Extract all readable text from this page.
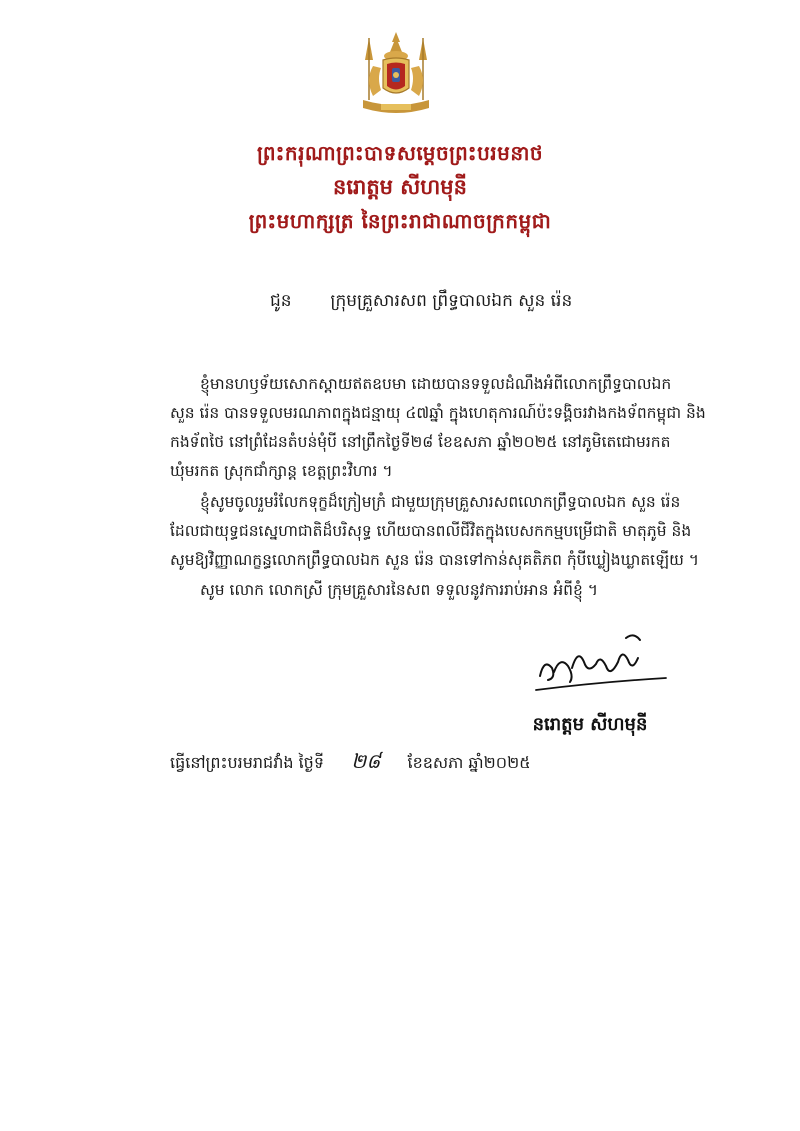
ព្រះករុណាព្រះបាទសម្ដេចព្រះបរមនាថ
នរោត្តម សីហមុនី
ព្រះមហាក្សត្រ នៃព្រះរាជាណាចក្រកម្ពុជា
ជូន ក្រុមគ្រួសារសព ព្រឹទ្ធបាលឯក សួន រ៉េន
ខ្ញុំមានហឫទ័យសោកស្ដាយឥតឧបមា ដោយបានទទួលដំណឹងអំពីលោកព្រឹទ្ធបាលឯក
សួន រ៉េន បានទទួលមរណភាពក្នុងជន្មាយុ ៤៧ឆ្នាំ ក្នុងហេតុការណ៍ប៉ះទង្គិចរវាងកងទ័ពកម្ពុជា និង
កងទ័ពថៃ នៅព្រំដែនតំបន់មុំបី នៅព្រឹកថ្ងៃទី២៨ ខែឧសភា ឆ្នាំ២០២៥ នៅភូមិតេជោមរកត
ឃុំមរកត ស្រុកជាំក្សាន្ត ខេត្តព្រះវិហារ ។
ខ្ញុំសូមចូលរួមរំលែកទុក្ខដ៏ក្រៀមក្រំ ជាមួយក្រុមគ្រួសារសពលោកព្រឹទ្ធបាលឯក សួន រ៉េន
ដែលជាយុទ្ធជនស្នេហាជាតិដ៏បរិសុទ្ធ ហើយបានពលីជីវិតក្នុងបេសកកម្មបម្រើជាតិ មាតុភូមិ និង
សូមឱ្យវិញ្ញាណក្ខន្ធលោកព្រឹទ្ធបាលឯក សួន រ៉េន បានទៅកាន់សុគតិភព កុំបីឃ្លៀងឃ្លាតឡើយ ។
សូម លោក លោកស្រី ក្រុមគ្រួសារនៃសព ទទួលនូវការរាប់អាន អំពីខ្ញុំ ។
នរោត្តម សីហមុនី
ធ្វើនៅព្រះបរមរាជវាំង ថ្ងៃទី ២៨ ខែឧសភា ឆ្នាំ២០២៥
